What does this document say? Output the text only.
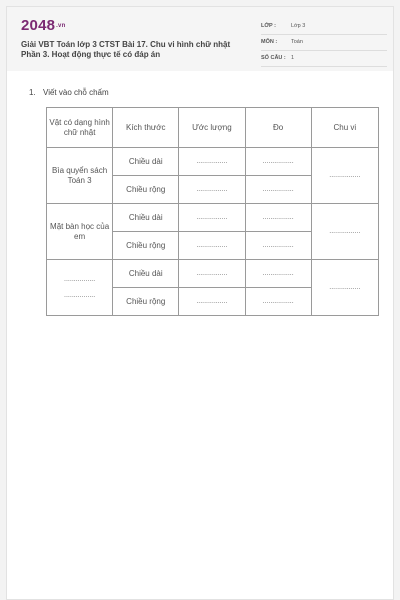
2048.vn
Giải VBT Toán lớp 3 CTST Bài 17. Chu vi hình chữ nhật
Phần 3. Hoạt động thực tế có đáp án
LỚP :	Lớp 3
MÔN :	Toán
SỐ CÂU : 1
1. Viết vào chỗ chấm
Vật có dạng hình chữ nhật	Kích thước	Ước lượng	Đo	Chu vi
Bìa quyển sách Toán 3	Chiều dài	................	................	................
	Chiều rộng	................	................	
Mặt bàn học của em	Chiều dài	................	................	................
	Chiều rộng	................	................	

................
................	Chiều dài	................	................	................
	Chiều rộng	................	................	
